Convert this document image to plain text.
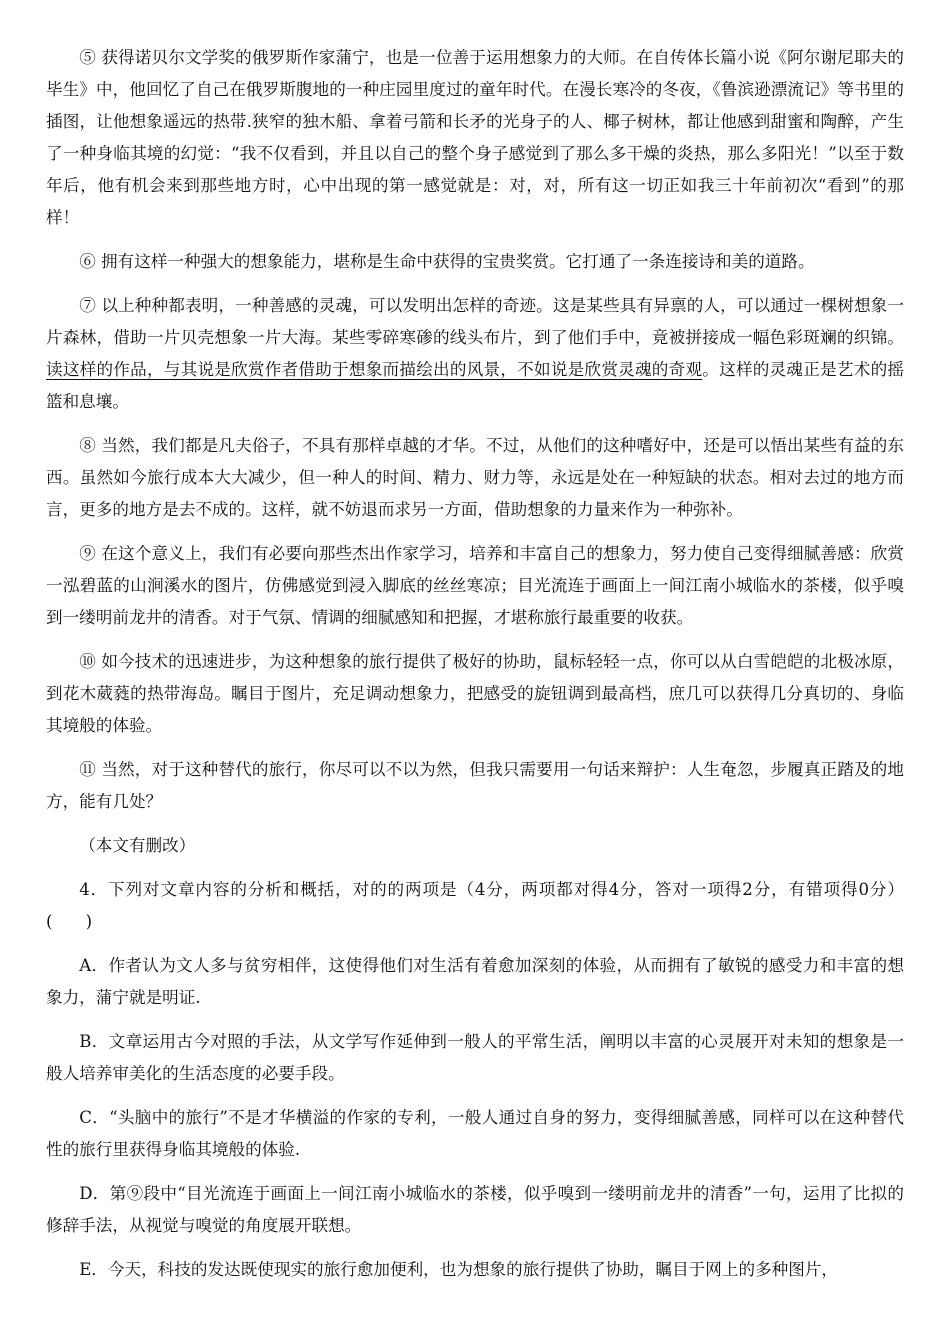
⑤ 获得诺贝尔文学奖的俄罗斯作家蒲宁，也是一位善于运用想象力的大师。在自传体长篇小说《阿尔谢尼耶夫的毕生》中，他回忆了自己在俄罗斯腹地的一种庄园里度过的童年时代。在漫长寒冷的冬夜，《鲁滨逊漂流记》等书里的插图，让他想象遥远的热带.狭窄的独木船、拿着弓箭和长矛的光身子的人、椰子树林，都让他感到甜蜜和陶醉，产生了一种身临其境的幻觉：“我不仅看到，并且以自己的整个身子感觉到了那么多干燥的炎热，那么多阳光！”以至于数年后，他有机会来到那些地方时，心中出现的第一感觉就是：对，对，所有这一切正如我三十年前初次“看到”的那样！

⑥ 拥有这样一种强大的想象能力，堪称是生命中获得的宝贵奖赏。它打通了一条连接诗和美的道路。

⑦ 以上种种都表明，一种善感的灵魂，可以发明出怎样的奇迹。这是某些具有异禀的人，可以通过一棵树想象一片森林，借助一片贝壳想象一片大海。某些零碎寒碜的线头布片，到了他们手中，竟被拼接成一幅色彩斑斓的织锦。读这样的作品，与其说是欣赏作者借助于想象而描绘出的风景，不如说是欣赏灵魂的奇观。这样的灵魂正是艺术的摇篮和息壤。

⑧ 当然，我们都是凡夫俗子，不具有那样卓越的才华。不过，从他们的这种嗜好中，还是可以悟出某些有益的东西。虽然如今旅行成本大大减少，但一种人的时间、精力、财力等，永远是处在一种短缺的状态。相对去过的地方而言，更多的地方是去不成的。这样，就不妨退而求另一方面，借助想象的力量来作为一种弥补。

⑨ 在这个意义上，我们有必要向那些杰出作家学习，培养和丰富自己的想象力，努力使自己变得细腻善感：欣赏一泓碧蓝的山涧溪水的图片，仿佛感觉到浸入脚底的丝丝寒凉；目光流连于画面上一间江南小城临水的茶楼，似乎嗅到一缕明前龙井的清香。对于气氛、情调的细腻感知和把握，才堪称旅行最重要的收获。

⑩ 如今技术的迅速进步，为这种想象的旅行提供了极好的协助，鼠标轻轻一点，你可以从白雪皑皑的北极冰原，到花木葳蕤的热带海岛。瞩目于图片，充足调动想象力，把感受的旋钮调到最高档，庶几可以获得几分真切的、身临其境般的体验。

⑪ 当然，对于这种替代的旅行，你尽可以不以为然，但我只需要用一句话来辩护：人生奄忽，步履真正踏及的地方，能有几处？

（本文有删改）

4．下列对文章内容的分析和概括，对的的两项是（4分，两项都对得4分，答对一项得2分，有错项得0分）(　　)

A．作者认为文人多与贫穷相伴，这使得他们对生活有着愈加深刻的体验，从而拥有了敏锐的感受力和丰富的想象力，蒲宁就是明证.

B．文章运用古今对照的手法，从文学写作延伸到一般人的平常生活，阐明以丰富的心灵展开对未知的想象是一般人培养审美化的生活态度的必要手段。

C．“头脑中的旅行”不是才华横溢的作家的专利，一般人通过自身的努力，变得细腻善感，同样可以在这种替代性的旅行里获得身临其境般的体验.

D．第⑨段中“目光流连于画面上一间江南小城临水的茶楼，似乎嗅到一缕明前龙井的清香”一句，运用了比拟的修辞手法，从视觉与嗅觉的角度展开联想。

E．今天，科技的发达既使现实的旅行愈加便利，也为想象的旅行提供了协助，瞩目于网上的多种图片，
